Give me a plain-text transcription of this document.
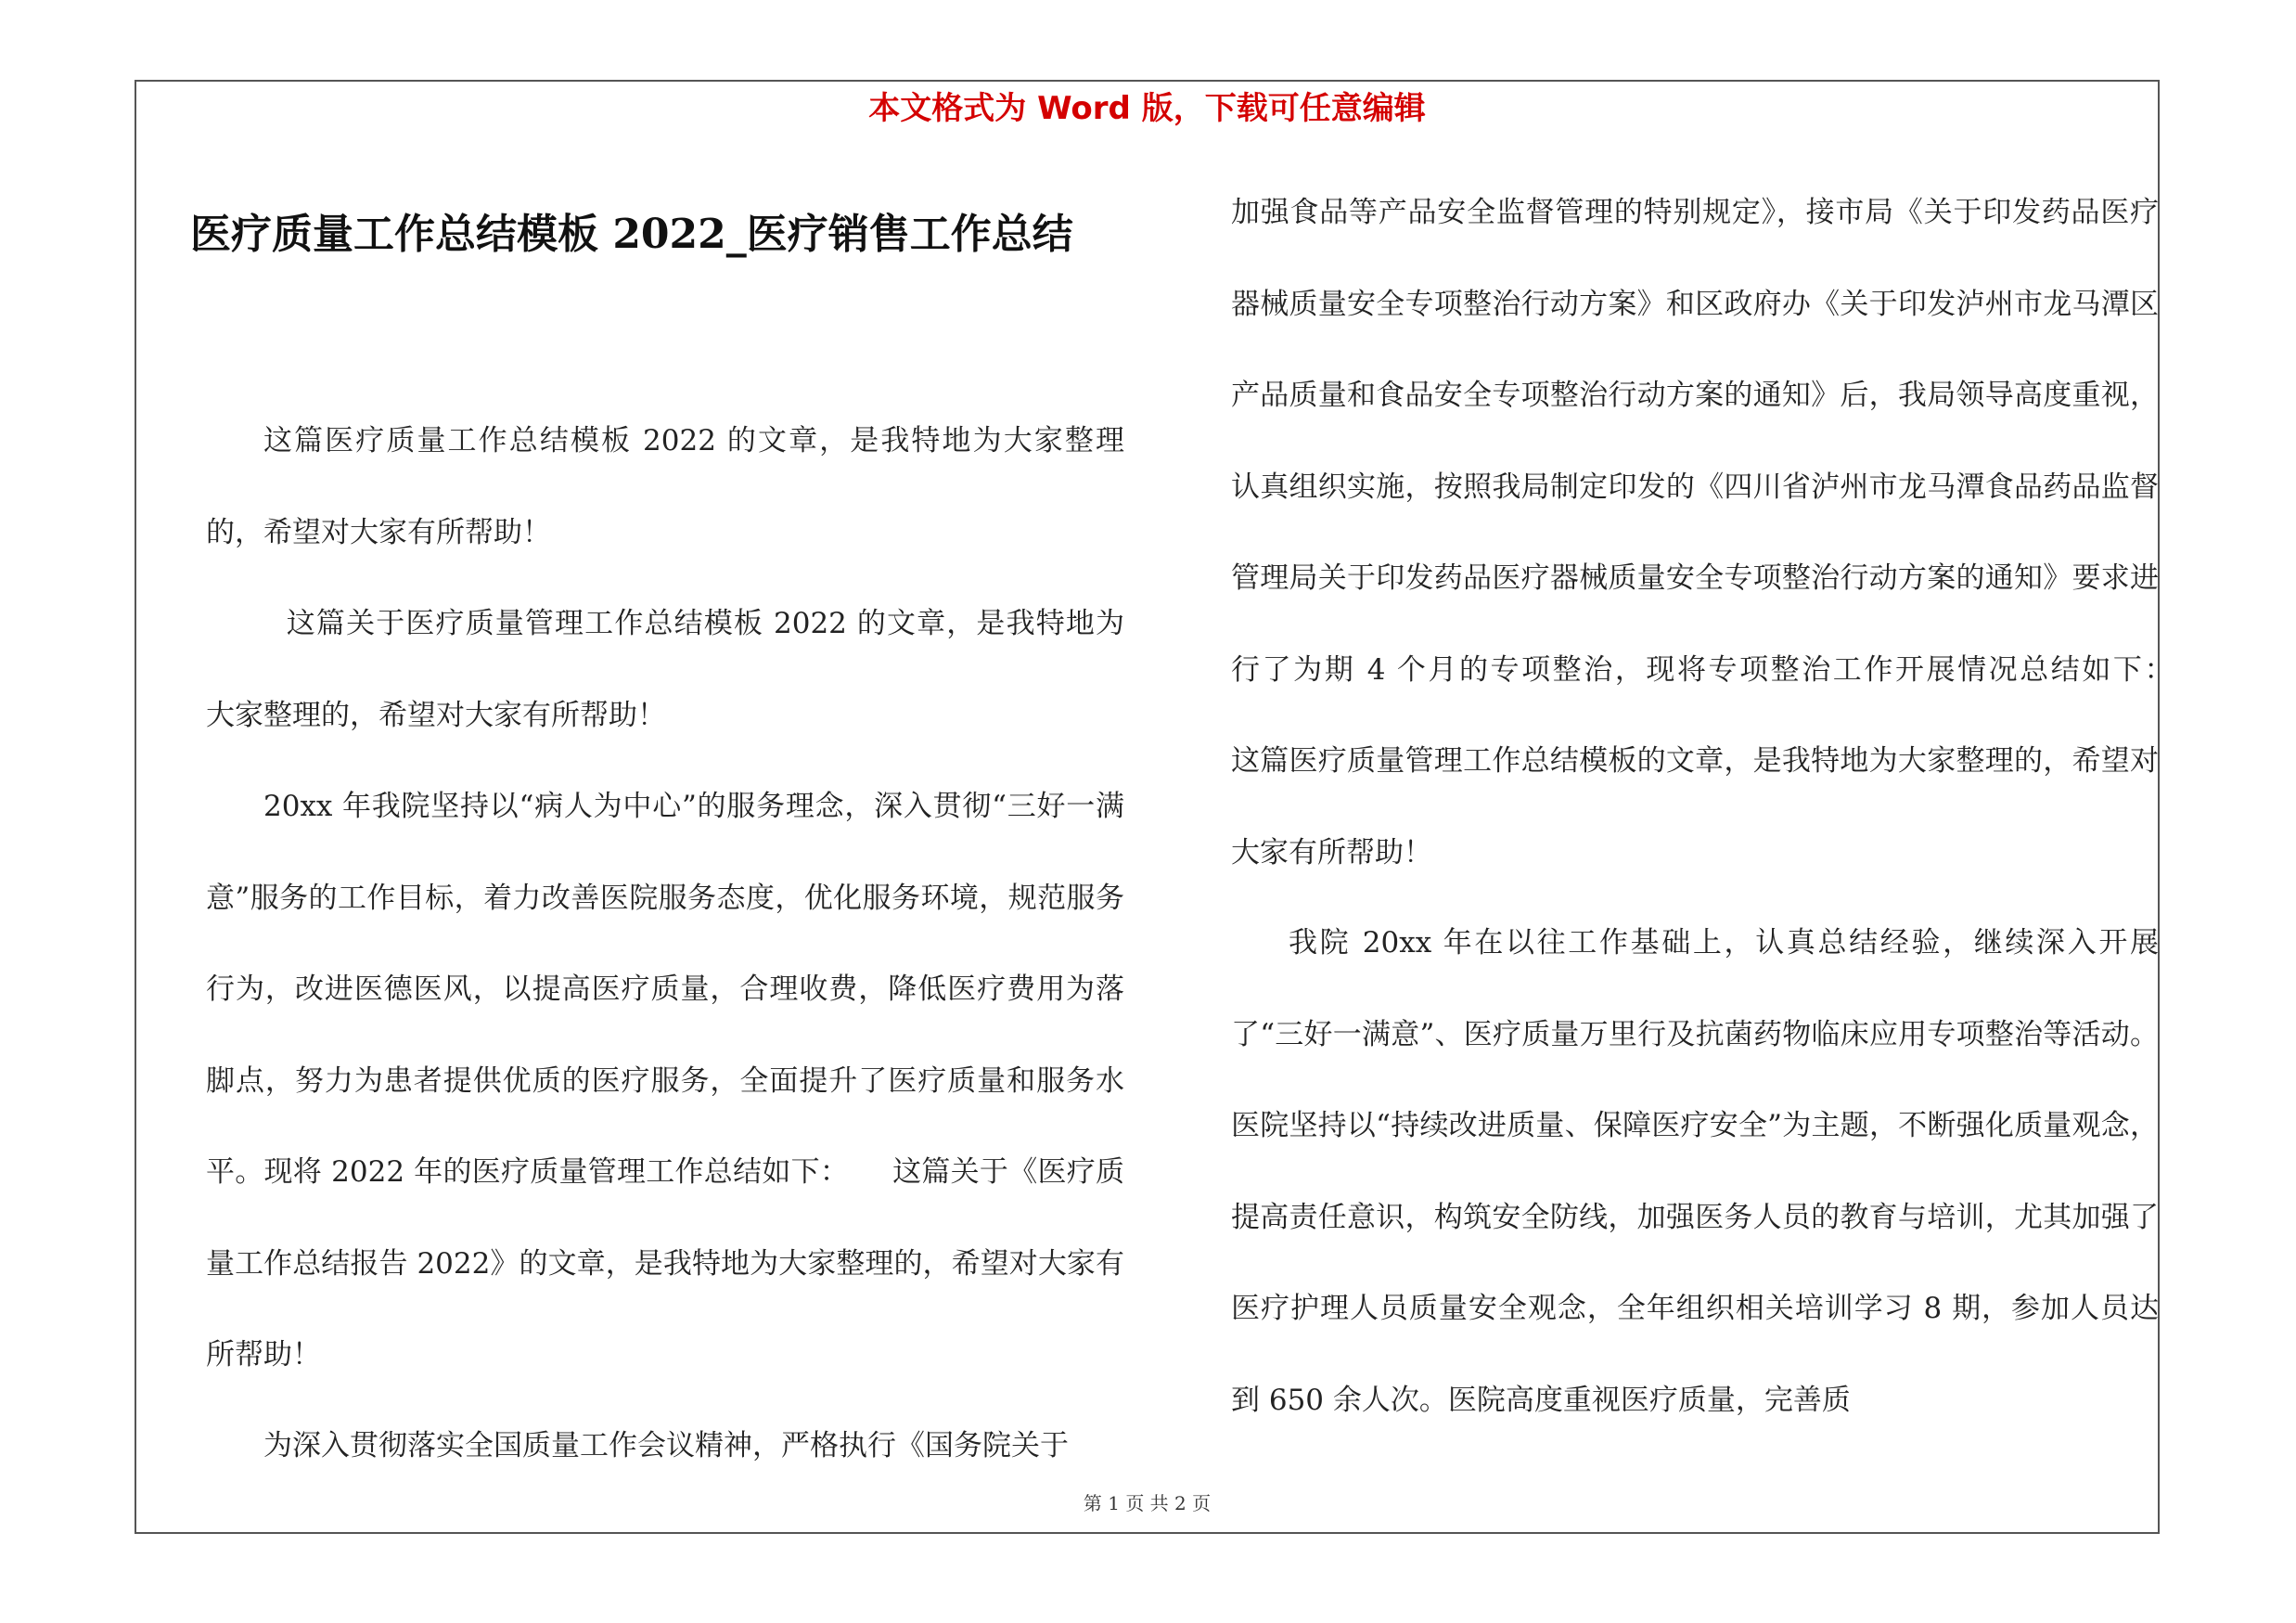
本文格式为 Word 版，下载可任意编辑
医疗质量工作总结模板 2022_医疗销售工作总结

这篇医疗质量工作总结模板 2022 的文章，是我特地为大家整理的，希望对大家有所帮助！

这篇关于医疗质量管理工作总结模板 2022 的文章，是我特地为大家整理的，希望对大家有所帮助！

20xx 年我院坚持以“病人为中心”的服务理念，深入贯彻“三好一满意”服务的工作目标，着力改善医院服务态度，优化服务环境，规范服务行为，改进医德医风，以提高医疗质量，合理收费，降低医疗费用为落脚点，努力为患者提供优质的医疗服务，全面提升了医疗质量和服务水平。现将 2022 年的医疗质量管理工作总结如下：　　这篇关于《医疗质量工作总结报告 2022》的文章，是我特地为大家整理的，希望对大家有所帮助！

为深入贯彻落实全国质量工作会议精神，严格执行《国务院关于

加强食品等产品安全监督管理的特别规定》，接市局《关于印发药品医疗器械质量安全专项整治行动方案》和区政府办《关于印发泸州市龙马潭区产品质量和食品安全专项整治行动方案的通知》后，我局领导高度重视，认真组织实施，按照我局制定印发的《四川省泸州市龙马潭食品药品监督管理局关于印发药品医疗器械质量安全专项整治行动方案的通知》要求进行了为期 4 个月的专项整治，现将专项整治工作开展情况总结如下：　　这篇医疗质量管理工作总结模板的文章，是我特地为大家整理的，希望对大家有所帮助！

我院 20xx 年在以往工作基础上，认真总结经验，继续深入开展了“三好一满意”、医疗质量万里行及抗菌药物临床应用专项整治等活动。医院坚持以“持续改进质量、保障医疗安全”为主题，不断强化质量观念，提高责任意识，构筑安全防线，加强医务人员的教育与培训，尤其加强了医疗护理人员质量安全观念，全年组织相关培训学习 8 期，参加人员达到 650 余人次。医院高度重视医疗质量，完善质

第 1 页 共 2 页
